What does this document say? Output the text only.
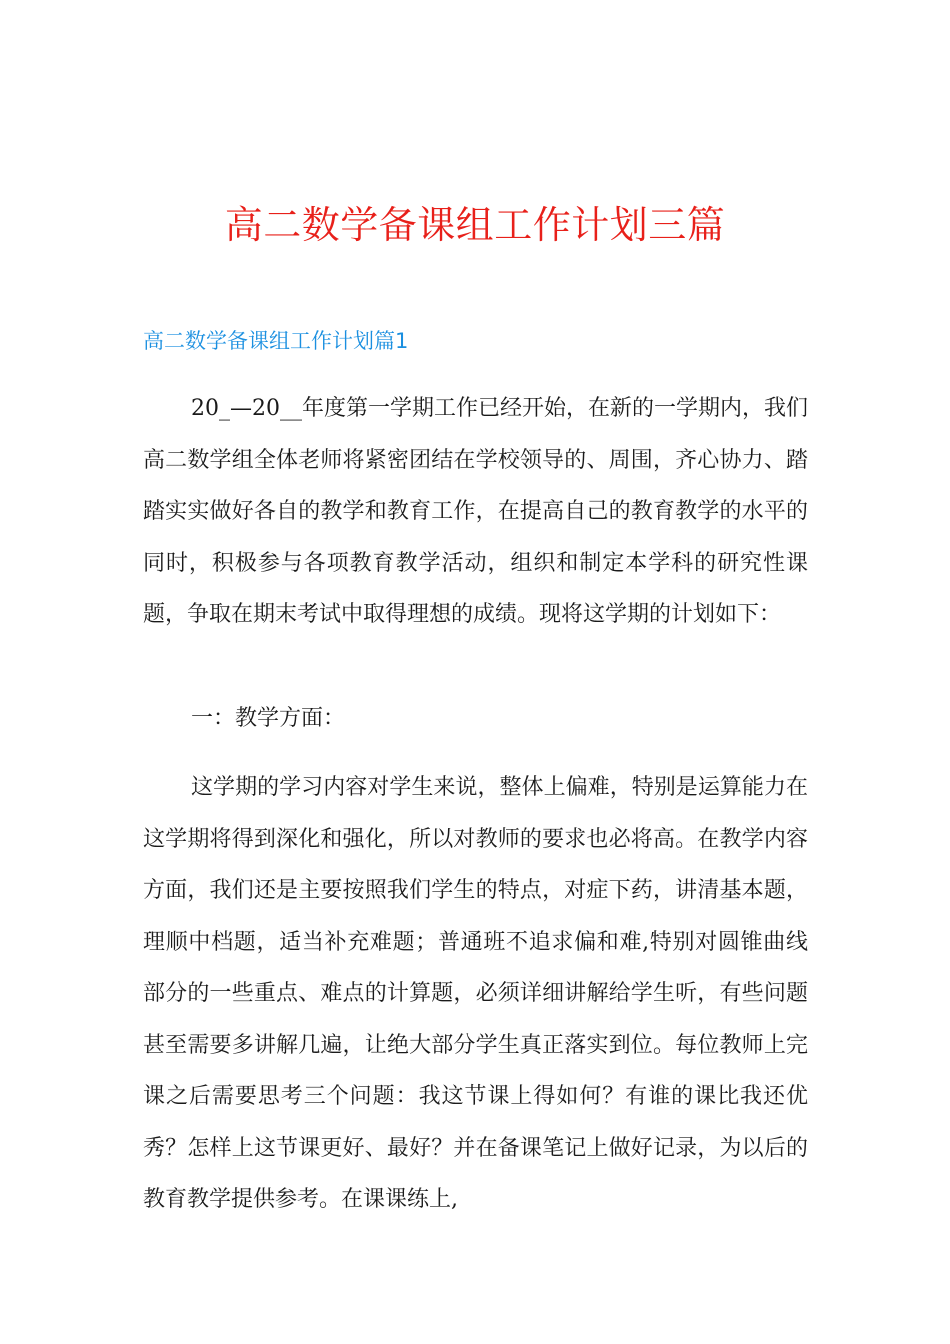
高二数学备课组工作计划三篇
高二数学备课组工作计划篇1

20_—20__年度第一学期工作已经开始，在新的一学期内，我们高二数学组全体老师将紧密团结在学校领导的、周围，齐心协力、踏踏实实做好各自的教学和教育工作，在提高自己的教育教学的水平的同时，积极参与各项教育教学活动，组织和制定本学科的研究性课题，争取在期末考试中取得理想的成绩。现将这学期的计划如下：

一：教学方面：

这学期的学习内容对学生来说，整体上偏难，特别是运算能力在这学期将得到深化和强化，所以对教师的要求也必将高。在教学内容方面，我们还是主要按照我们学生的特点，对症下药，讲清基本题，理顺中档题，适当补充难题；普通班不追求偏和难,特别对圆锥曲线部分的一些重点、难点的计算题，必须详细讲解给学生听，有些问题甚至需要多讲解几遍，让绝大部分学生真正落实到位。每位教师上完课之后需要思考三个问题：我这节课上得如何？有谁的课比我还优秀？怎样上这节课更好、最好？并在备课笔记上做好记录，为以后的教育教学提供参考。在课课练上,
